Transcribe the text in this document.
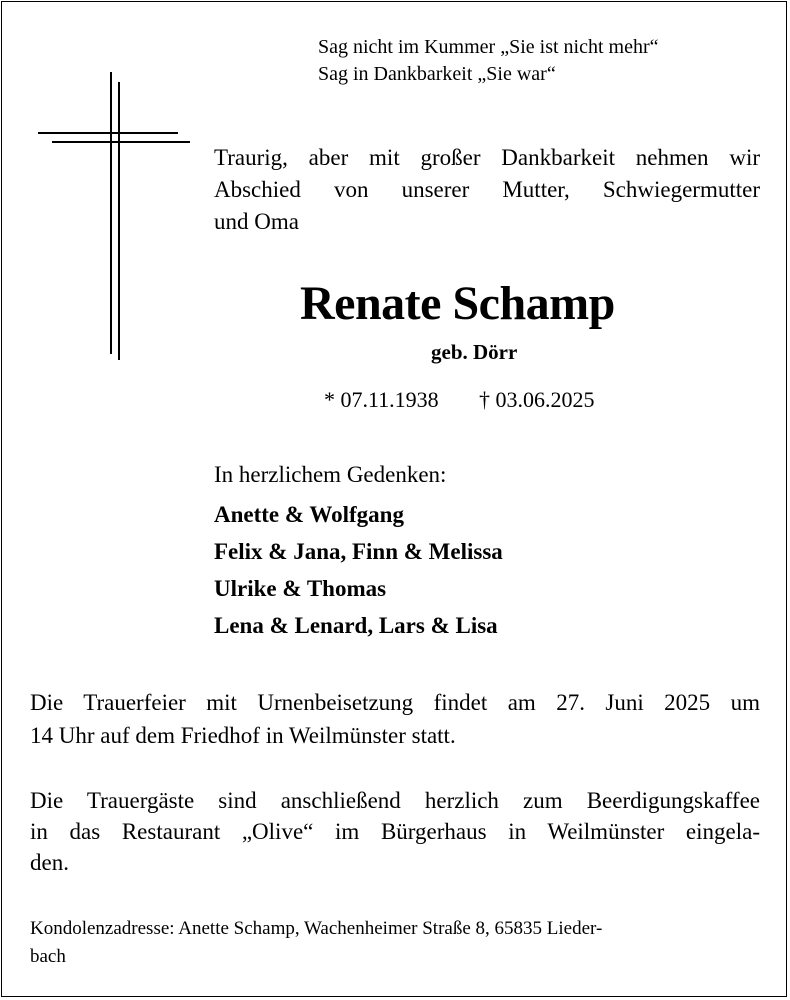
Sag nicht im Kummer „Sie ist nicht mehr“
Sag in Dankbarkeit „Sie war“
Traurig, aber mit großer Dankbarkeit nehmen wir
Abschied von unserer Mutter, Schwiegermutter
und Oma
Renate Schamp
geb. Dörr
* 07.11.1938 † 03.06.2025
In herzlichem Gedenken:
Anette & Wolfgang
Felix & Jana, Finn & Melissa
Ulrike & Thomas
Lena & Lenard, Lars & Lisa
Die Trauerfeier mit Urnenbeisetzung findet am 27. Juni 2025 um
14 Uhr auf dem Friedhof in Weilmünster statt.
Die Trauergäste sind anschließend herzlich zum Beerdigungskaffee
in das Restaurant „Olive“ im Bürgerhaus in Weilmünster eingela-
den.
Kondolenzadresse: Anette Schamp, Wachenheimer Straße 8, 65835 Lieder-
bach
